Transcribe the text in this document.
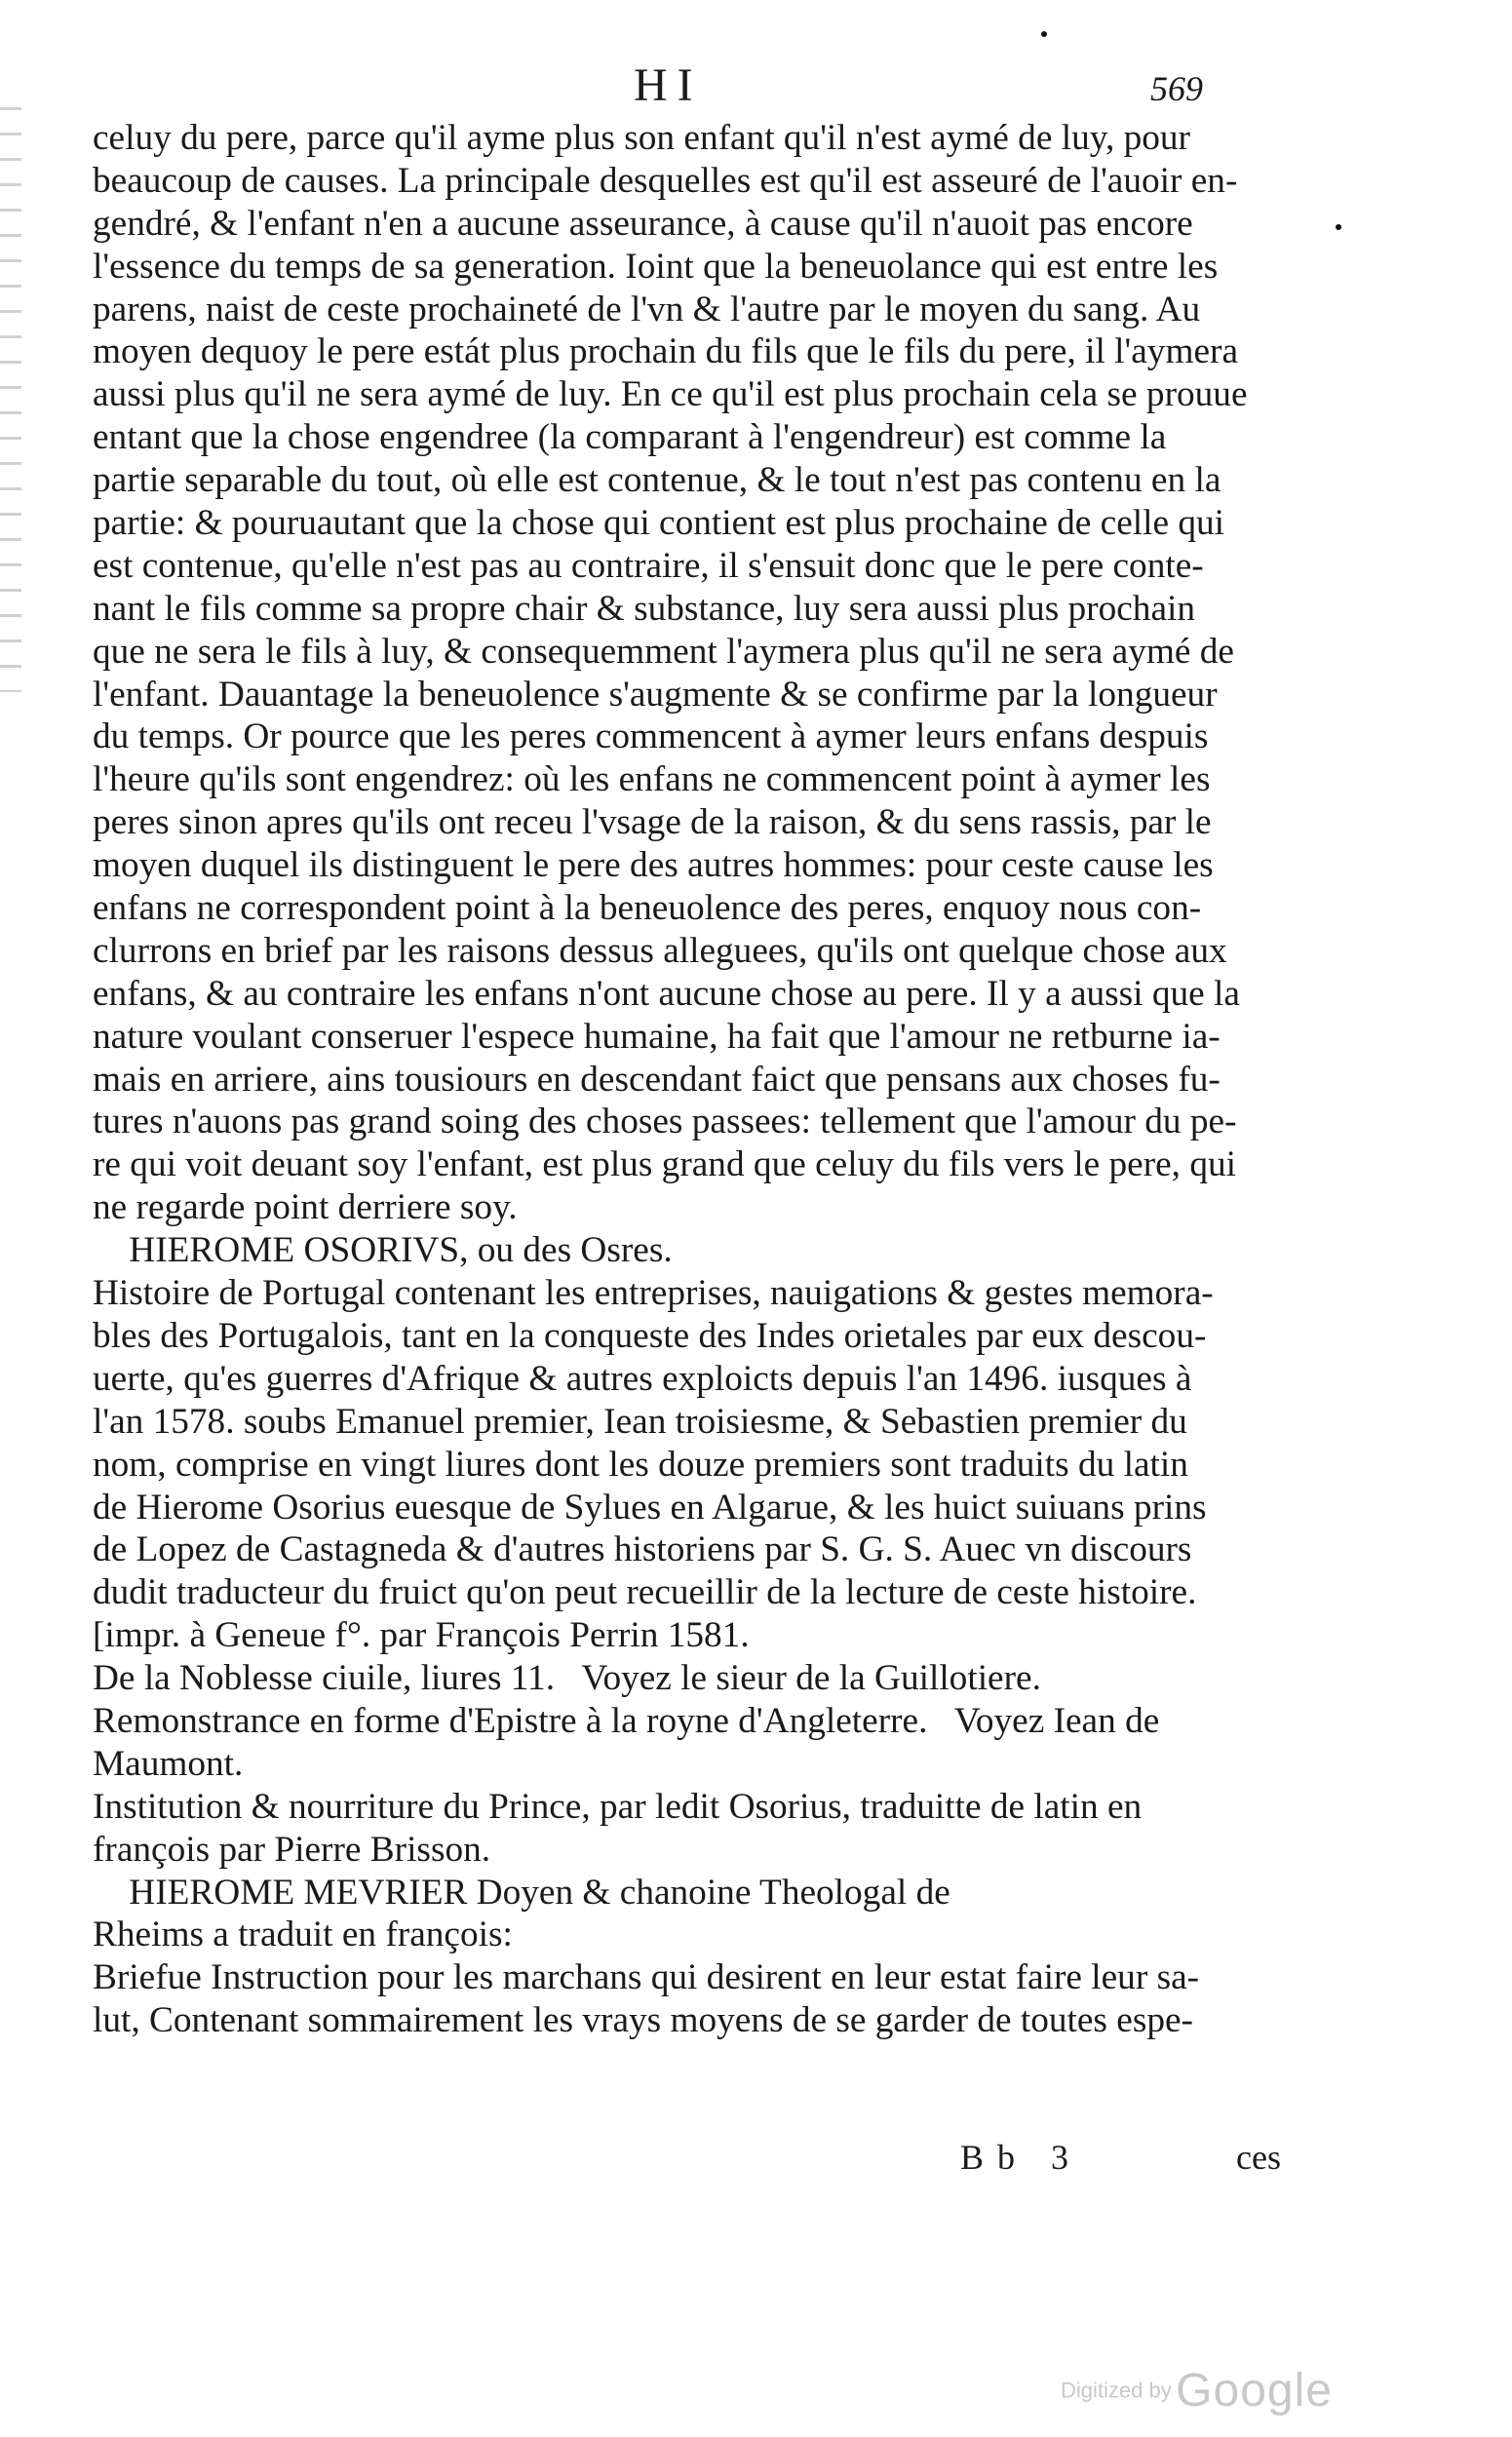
HI	569
celuy du pere, parce qu'il ayme plus son enfant qu'il n'est aymé de luy, pour
beaucoup de causes. La principale desquelles est qu'il est asseuré de l'auoir en-
gendré, & l'enfant n'en a aucune asseurance, à cause qu'il n'auoit pas encore
l'essence du temps de sa generation. Ioint que la beneuolance qui est entre les
parens, naist de ceste prochaineté de l'vn & l'autre par le moyen du sang. Au
moyen dequoy le pere estát plus prochain du fils que le fils du pere, il l'aymera
aussi plus qu'il ne sera aymé de luy. En ce qu'il est plus prochain cela se prouue
entant que la chose engendree (la comparant à l'engendreur) est comme la
partie separable du tout, où elle est contenue, & le tout n'est pas contenu en la
partie: & pouruautant que la chose qui contient est plus prochaine de celle qui
est contenue, qu'elle n'est pas au contraire, il s'ensuit donc que le pere conte-
nant le fils comme sa propre chair & substance, luy sera aussi plus prochain
que ne sera le fils à luy, & consequemment l'aymera plus qu'il ne sera aymé de
l'enfant. Dauantage la beneuolence s'augmente & se confirme par la longueur
du temps. Or pource que les peres commencent à aymer leurs enfans despuis
l'heure qu'ils sont engendrez: où les enfans ne commencent point à aymer les
peres sinon apres qu'ils ont receu l'vsage de la raison, & du sens rassis, par le
moyen duquel ils distinguent le pere des autres hommes: pour ceste cause les
enfans ne correspondent point à la beneuolence des peres, enquoy nous con-
clurrons en brief par les raisons dessus alleguees, qu'ils ont quelque chose aux
enfans, & au contraire les enfans n'ont aucune chose au pere. Il y a aussi que la
nature voulant conseruer l'espece humaine, ha fait que l'amour ne retburne ia-
mais en arriere, ains tousiours en descendant faict que pensans aux choses fu-
tures n'auons pas grand soing des choses passees: tellement que l'amour du pe-
re qui voit deuant soy l'enfant, est plus grand que celuy du fils vers le pere, qui
ne regarde point derriere soy.
HIEROME OSORIVS, ou des Osres.
Histoire de Portugal contenant les entreprises, nauigations & gestes memora-
bles des Portugalois, tant en la conqueste des Indes orietales par eux descou-
uerte, qu'es guerres d'Afrique & autres exploicts depuis l'an 1496. iusques à
l'an 1578. soubs Emanuel premier, Iean troisiesme, & Sebastien premier du
nom, comprise en vingt liures dont les douze premiers sont traduits du latin
de Hierome Osorius euesque de Sylues en Algarue, & les huict suiuans prins
de Lopez de Castagneda & d'autres historiens par S. G. S. Auec vn discours
dudit traducteur du fruict qu'on peut recueillir de la lecture de ceste histoire.
[impr. à Geneue f°. par François Perrin 1581.
De la Noblesse ciuile, liures 11.   Voyez le sieur de la Guillotiere.
Remonstrance en forme d'Epistre à la royne d'Angleterre.   Voyez Iean de
Maumont.
Institution & nourriture du Prince, par ledit Osorius, traduitte de latin en
françois par Pierre Brisson.
HIEROME MEVRIER Doyen & chanoine Theologal de
Rheims a traduit en françois:
Briefue Instruction pour les marchans qui desirent en leur estat faire leur sa-
lut, Contenant sommairement les vrays moyens de se garder de toutes espe-
Bb 3	ces
Digitized by Google
